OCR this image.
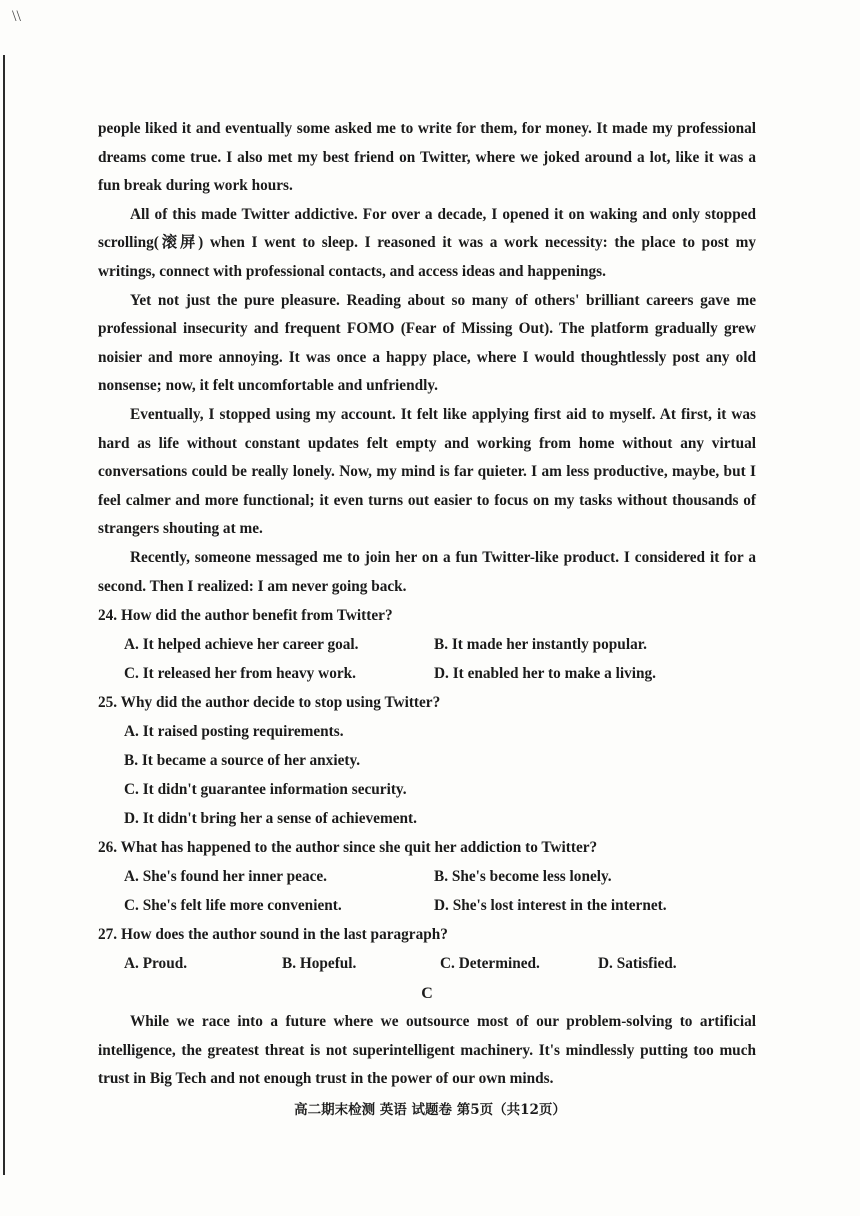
\\

people liked it and eventually some asked me to write for them, for money. It made my professional dreams come true. I also met my best friend on Twitter, where we joked around a lot, like it was a fun break during work hours.

All of this made Twitter addictive. For over a decade, I opened it on waking and only stopped scrolling(滚屏) when I went to sleep. I reasoned it was a work necessity: the place to post my writings, connect with professional contacts, and access ideas and happenings.

Yet not just the pure pleasure. Reading about so many of others' brilliant careers gave me professional insecurity and frequent FOMO (Fear of Missing Out). The platform gradually grew noisier and more annoying. It was once a happy place, where I would thoughtlessly post any old nonsense; now, it felt uncomfortable and unfriendly.

Eventually, I stopped using my account. It felt like applying first aid to myself. At first, it was hard as life without constant updates felt empty and working from home without any virtual conversations could be really lonely. Now, my mind is far quieter. I am less productive, maybe, but I feel calmer and more functional; it even turns out easier to focus on my tasks without thousands of strangers shouting at me.

Recently, someone messaged me to join her on a fun Twitter-like product. I considered it for a second. Then I realized: I am never going back.

24. How did the author benefit from Twitter?

A. It helped achieve her career goal.	B. It made her instantly popular.
C. It released her from heavy work.	D. It enabled her to make a living.

25. Why did the author decide to stop using Twitter?

A. It raised posting requirements.
B. It became a source of her anxiety.
C. It didn't guarantee information security.
D. It didn't bring her a sense of achievement.

26. What has happened to the author since she quit her addiction to Twitter?

A. She's found her inner peace.	B. She's become less lonely.
C. She's felt life more convenient.	D. She's lost interest in the internet.

27. How does the author sound in the last paragraph?

A. Proud.	B. Hopeful.	C. Determined.	D. Satisfied.

C

While we race into a future where we outsource most of our problem-solving to artificial intelligence, the greatest threat is not superintelligent machinery. It's mindlessly putting too much trust in Big Tech and not enough trust in the power of our own minds.

高二期末检测 英语 试题卷 第5页（共12页）
